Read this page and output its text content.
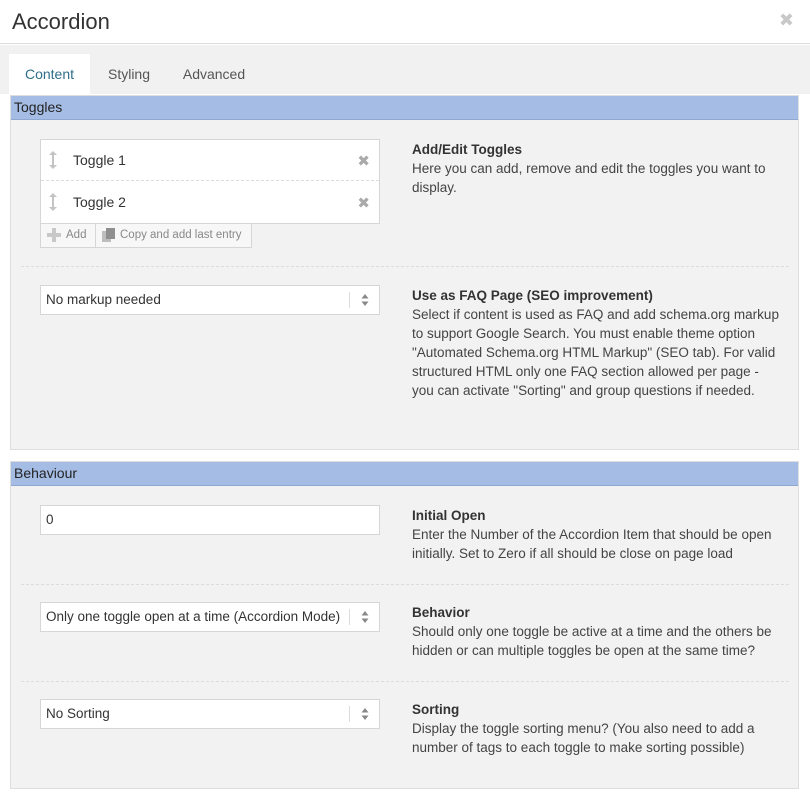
Accordion	✖
Content	Styling	Advanced
Toggles
Toggle 1	✖
Toggle 2	✖
Add	Copy and add last entry
Add/Edit Toggles
Here you can add, remove and edit the toggles you want to display.
No markup needed	Use as FAQ Page (SEO improvement)
Select if content is used as FAQ and add schema.org markup to support Google Search. You must enable theme option "Automated Schema.org HTML Markup" (SEO tab). For valid structured HTML only one FAQ section allowed per page - you can activate "Sorting" and group questions if needed.
Behaviour
0	Initial Open
Enter the Number of the Accordion Item that should be open initially. Set to Zero if all should be close on page load
Only one toggle open at a time (Accordion Mode)	Behavior
Should only one toggle be active at a time and the others be hidden or can multiple toggles be open at the same time?
No Sorting	Sorting
Display the toggle sorting menu? (You also need to add a number of tags to each toggle to make sorting possible)
